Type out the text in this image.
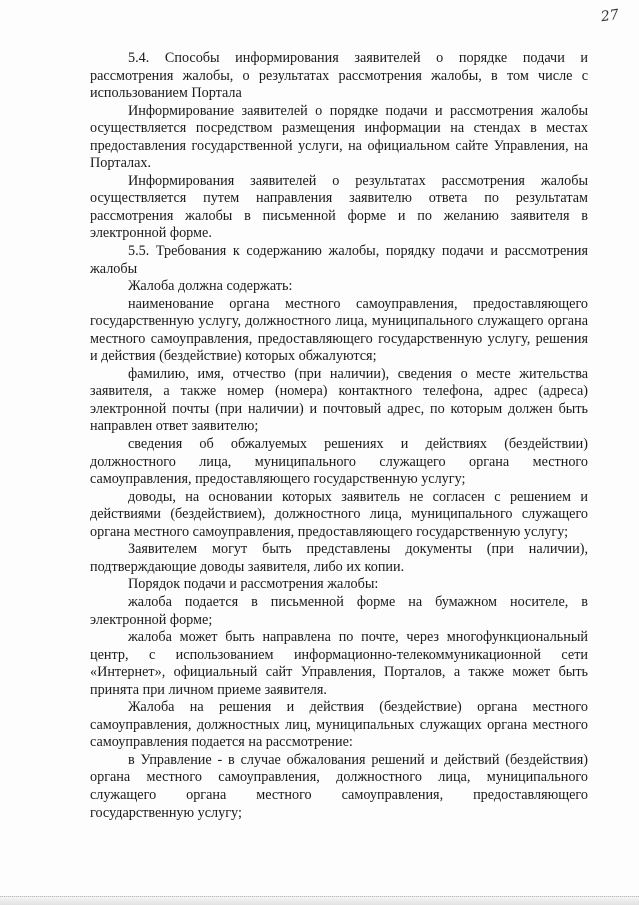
27

5.4. Способы информирования заявителей о порядке подачи и рассмотрения жалобы, о результатах рассмотрения жалобы, в том числе с использованием Портала

Информирование заявителей о порядке подачи и рассмотрения жалобы осуществляется посредством размещения информации на стендах в местах предоставления государственной услуги, на официальном сайте Управления, на Порталах.

Информирования заявителей о результатах рассмотрения жалобы осуществляется путем направления заявителю ответа по результатам рассмотрения жалобы в письменной форме и по желанию заявителя в электронной форме.

5.5. Требования к содержанию жалобы, порядку подачи и рассмотрения жалобы

Жалоба должна содержать:

наименование органа местного самоуправления, предоставляющего государственную услугу, должностного лица, муниципального служащего органа местного самоуправления, предоставляющего государственную услугу, решения и действия (бездействие) которых обжалуются;

фамилию, имя, отчество (при наличии), сведения о месте жительства заявителя, а также номер (номера) контактного телефона, адрес (адреса) электронной почты (при наличии) и почтовый адрес, по которым должен быть направлен ответ заявителю;

сведения об обжалуемых решениях и действиях (бездействии) должностного лица, муниципального служащего органа местного самоуправления, предоставляющего государственную услугу;

доводы, на основании которых заявитель не согласен с решением и действиями (бездействием), должностного лица, муниципального служащего органа местного самоуправления, предоставляющего государственную услугу;

Заявителем могут быть представлены документы (при наличии), подтверждающие доводы заявителя, либо их копии.

Порядок подачи и рассмотрения жалобы:

жалоба подается в письменной форме на бумажном носителе, в электронной форме;

жалоба может быть направлена по почте, через многофункциональный центр, с использованием информационно-телекоммуникационной сети «Интернет», официальный сайт Управления, Порталов, а также может быть принята при личном приеме заявителя.

Жалоба на решения и действия (бездействие) органа местного самоуправления, должностных лиц, муниципальных служащих органа местного самоуправления подается на рассмотрение:

в Управление - в случае обжалования решений и действий (бездействия) органа местного самоуправления, должностного лица, муниципального служащего органа местного самоуправления, предоставляющего государственную услугу;
